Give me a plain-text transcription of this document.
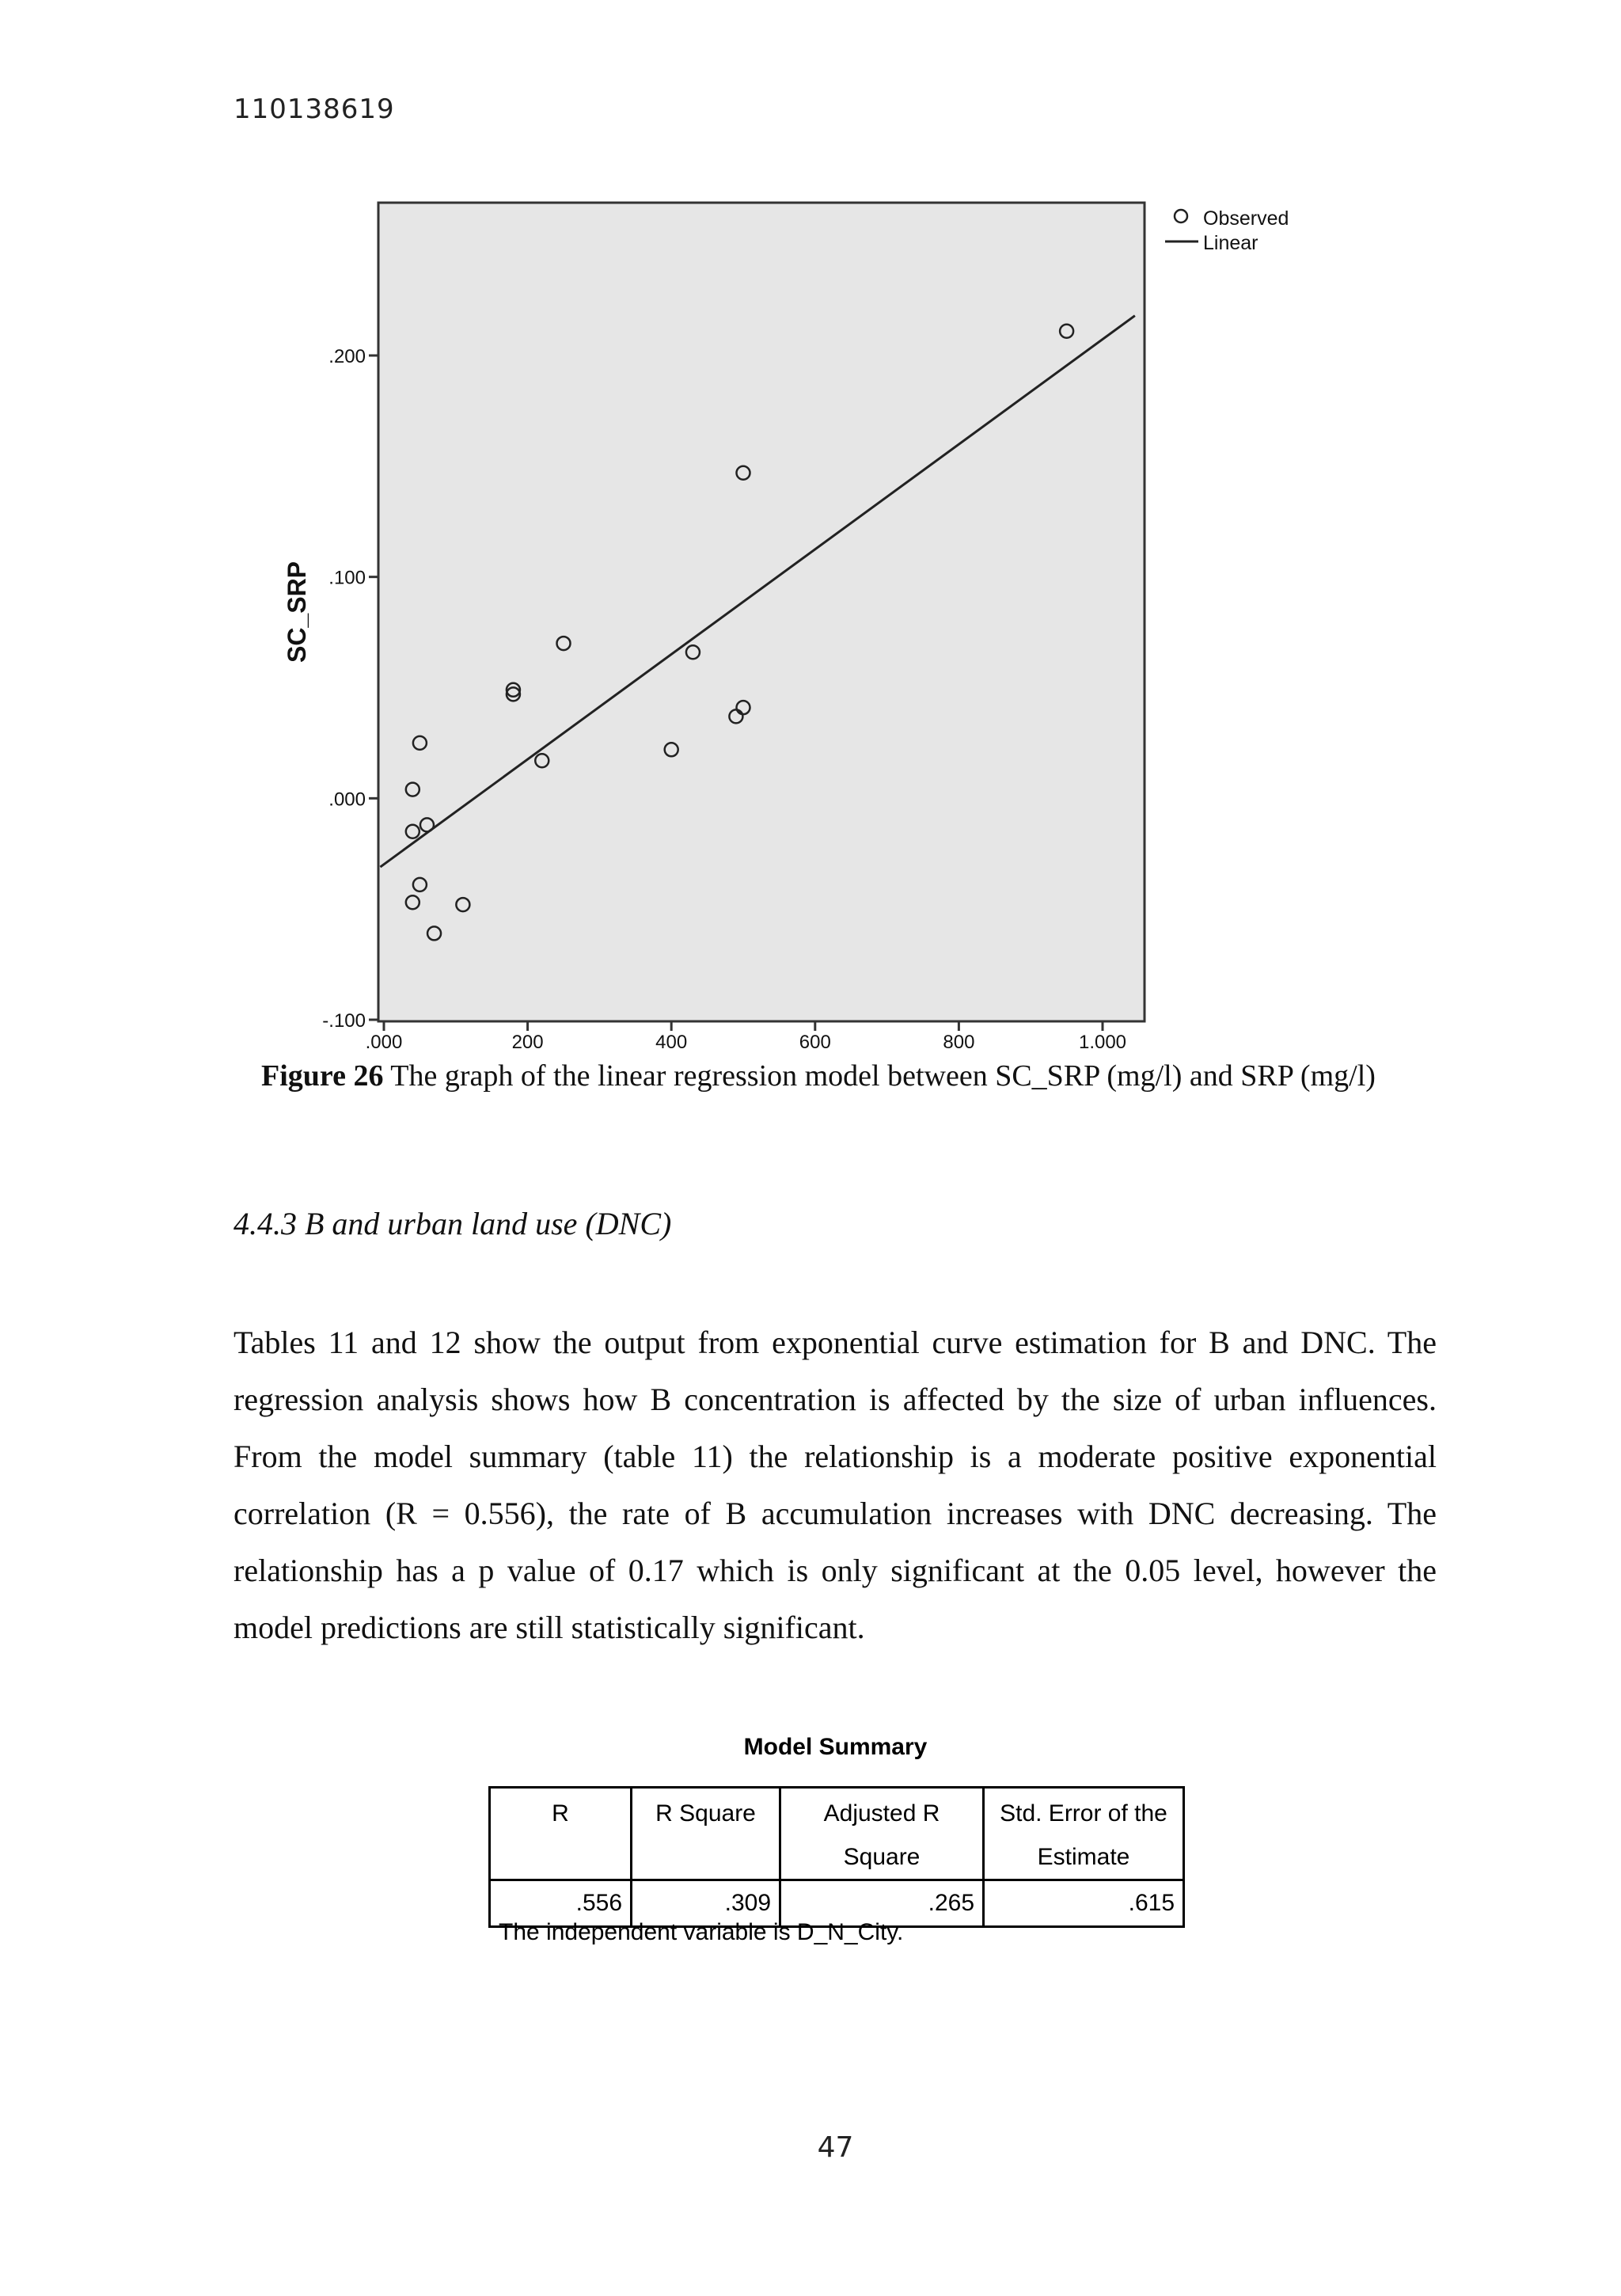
110138619
-.100
.000
.100
.200
.000	200	400	600	800	1.000
SC_SRP
Observed
Linear
Figure 26 The graph of the linear regression model between SC_SRP (mg/l) and SRP (mg/l)
4.4.3 B and urban land use (DNC)
Tables 11 and 12 show the output from exponential curve estimation for B and DNC. The
regression analysis shows how B concentration is affected by the size of urban influences.
From the model summary (table 11) the relationship is a moderate positive exponential
correlation (R = 0.556), the rate of B accumulation increases with DNC decreasing. The
relationship has a p value of 0.17 which is only significant at the 0.05 level, however the
model predictions are still statistically significant.
Model Summary
R	R Square	Adjusted R Square	Std. Error of the Estimate
.556	.309	.265	.615
The independent variable is D_N_City.
47
